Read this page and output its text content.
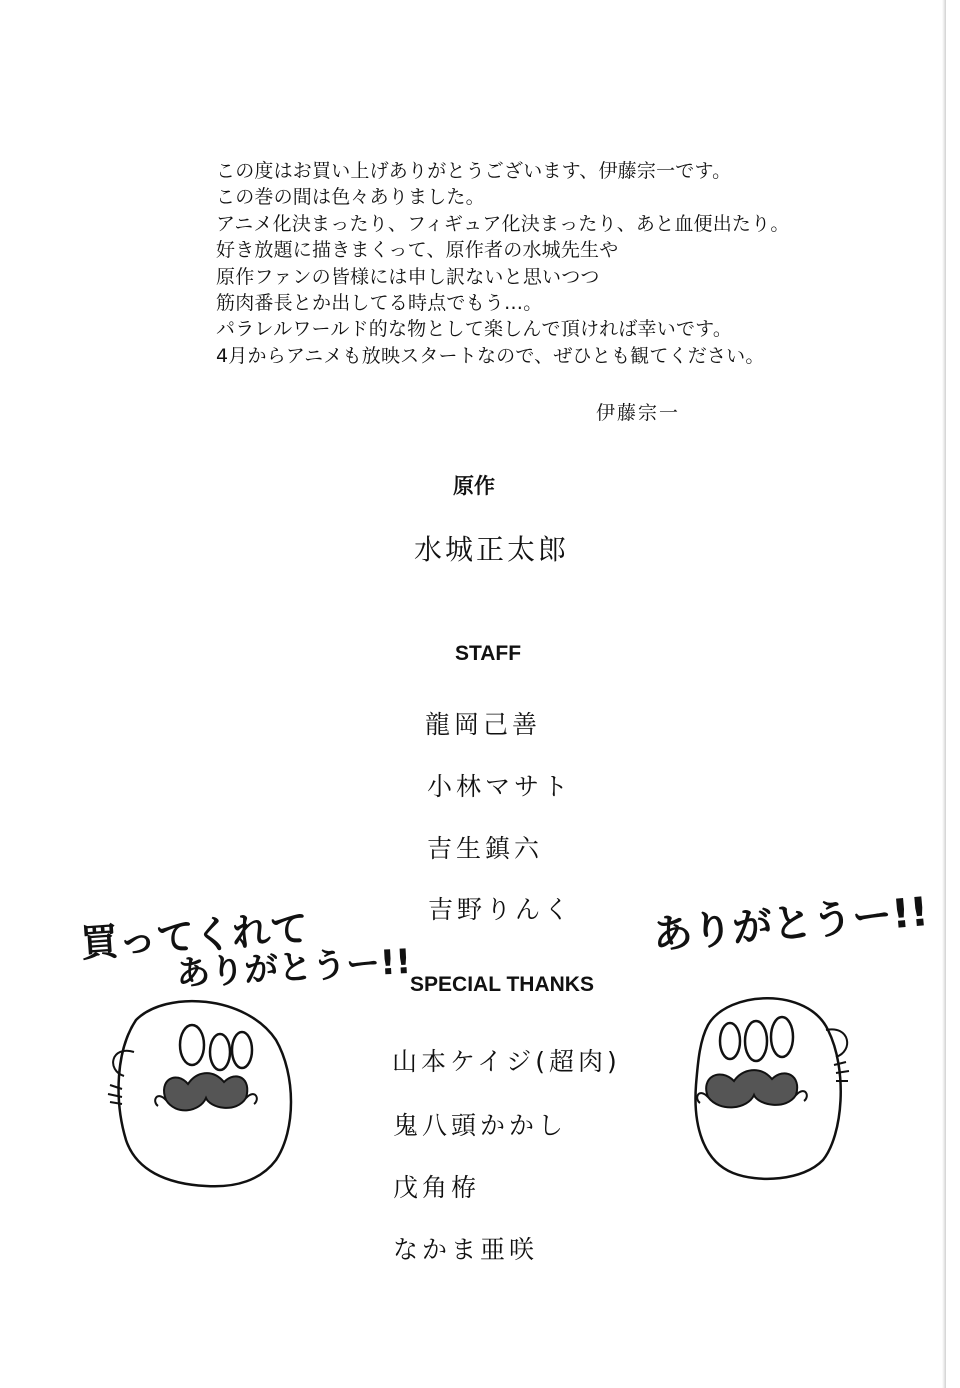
この度はお買い上げありがとうございます、伊藤宗一です。
この巻の間は色々ありました。
アニメ化決まったり、フィギュア化決まったり、あと血便出たり。
好き放題に描きまくって、原作者の水城先生や
原作ファンの皆様には申し訳ないと思いつつ
筋肉番長とか出してる時点でもう…。
パラレルワールド的な物として楽しんで頂ければ幸いです。
4月からアニメも放映スタートなので、ぜひとも観てください。
伊藤宗一
原作
水城正太郎
STAFF
龍岡己善
小林マサト
吉生鎮六
吉野りんく
SPECIAL THANKS
山本ケイジ(超肉)
鬼八頭かかし
戊角栫
なかま亜咲
買ってくれて
ありがとうー!!
ありがとうー!!
